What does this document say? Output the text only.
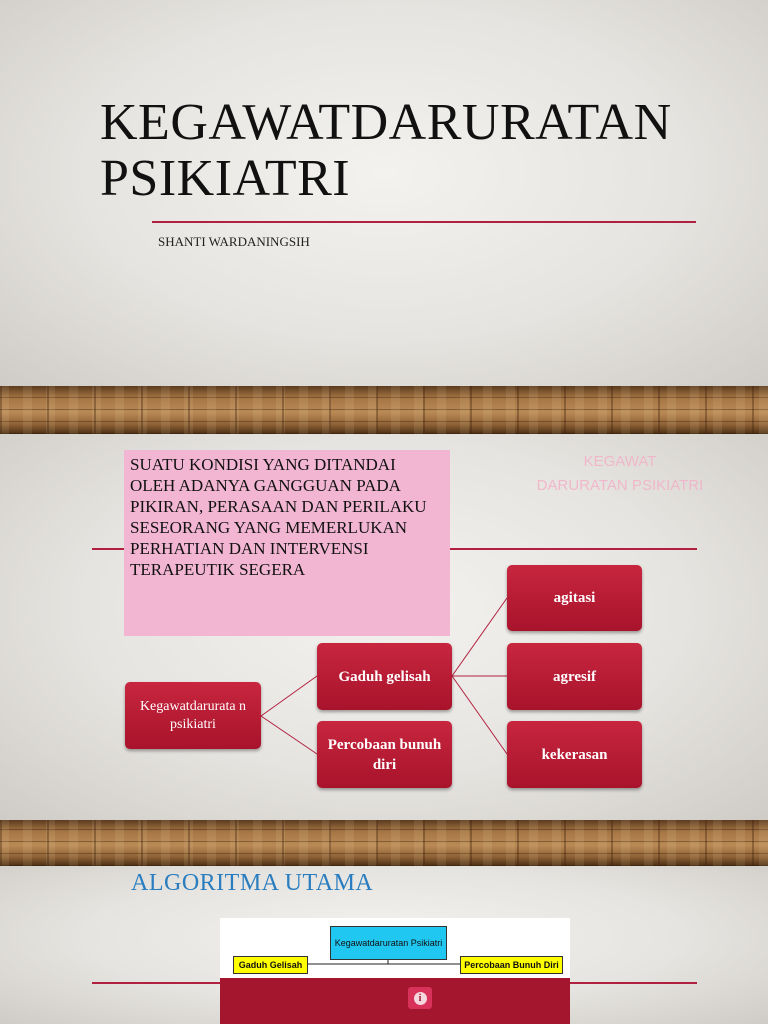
KEGAWATDARURATAN
PSIKIATRI
SHANTI WARDANINGSIH
KEGAWAT
DARURATAN PSIKIATRI
SUATU KONDISI YANG DITANDAI OLEH ADANYA GANGGUAN PADA PIKIRAN, PERASAAN DAN PERILAKU SESEORANG YANG MEMERLUKAN PERHATIAN DAN INTERVENSI TERAPEUTIK SEGERA
Kegawatdarurata n psikiatri
Gaduh gelisah
Percobaan bunuh diri
agitasi
agresif
kekerasan
ALGORITMA UTAMA
Kegawatdaruratan Psikiatri
Gaduh Gelisah	Percobaan Bunuh Diri
i
